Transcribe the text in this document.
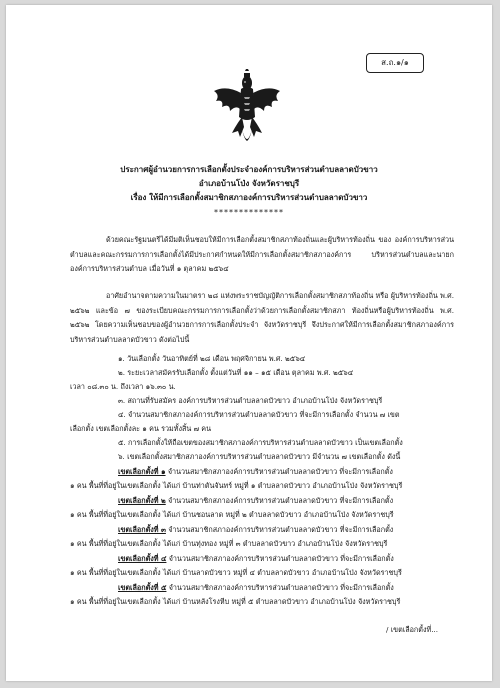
ส.ถ.๑/๑
ประกาศผู้อำนวยการการเลือกตั้งประจำองค์การบริหารส่วนตำบลลาดบัวขาว
อำเภอบ้านโป่ง จังหวัดราชบุรี
เรื่อง ให้มีการเลือกตั้งสมาชิกสภาองค์การบริหารส่วนตำบลลาดบัวขาว
**************
ด้วยคณะรัฐมนตรีได้มีมติเห็นชอบให้มีการเลือกตั้งสมาชิกสภาท้องถิ่นและผู้บริหารท้องถิ่น ของ องค์การบริหารส่วนตำบลและคณะกรรมการการเลือกตั้งได้มีประกาศกำหนดให้มีการเลือกตั้งสมาชิกสภาองค์การ บริหารส่วนตำบลและนายกองค์การบริหารส่วนตำบล เมื่อวันที่ ๑ ตุลาคม ๒๕๖๔
อาศัยอำนาจตามความในมาตรา ๒๘ แห่งพระราชบัญญัติการเลือกตั้งสมาชิกสภาท้องถิ่น หรือ ผู้บริหารท้องถิ่น พ.ศ. ๒๕๖๒ และข้อ ๗ ของระเบียบคณะกรรมการการเลือกตั้งว่าด้วยการเลือกตั้งสมาชิกสภา ท้องถิ่นหรือผู้บริหารท้องถิ่น พ.ศ. ๒๕๖๒ โดยความเห็นชอบของผู้อำนวยการการเลือกตั้งประจำ จังหวัดราชบุรี จึงประกาศให้มีการเลือกตั้งสมาชิกสภาองค์การบริหารส่วนตำบลลาดบัวขาว ดังต่อไปนี้
๑. วันเลือกตั้ง วันอาทิตย์ที่ ๒๘ เดือน พฤศจิกายน พ.ศ. ๒๕๖๔
๒. ระยะเวลาสมัครรับเลือกตั้ง ตั้งแต่วันที่ ๑๑ – ๑๕ เดือน ตุลาคม พ.ศ. ๒๕๖๔
เวลา ๐๘.๓๐ น. ถึงเวลา ๑๖.๓๐ น.
๓. สถานที่รับสมัคร องค์การบริหารส่วนตำบลลาดบัวขาว อำเภอบ้านโป่ง จังหวัดราชบุรี
๔. จำนวนสมาชิกสภาองค์การบริหารส่วนตำบลลาดบัวขาว ที่จะมีการเลือกตั้ง จำนวน ๗ เขต
เลือกตั้ง เขตเลือกตั้งละ ๑ คน รวมทั้งสิ้น ๗ คน
๕. การเลือกตั้งให้ถือเขตของสมาชิกสภาองค์การบริหารส่วนตำบลลาดบัวขาว เป็นเขตเลือกตั้ง
๖. เขตเลือกตั้งสมาชิกสภาองค์การบริหารส่วนตำบลลาดบัวขาว มีจำนวน ๗ เขตเลือกตั้ง ดังนี้
เขตเลือกตั้งที่ ๑ จำนวนสมาชิกสภาองค์การบริหารส่วนตำบลลาดบัวขาว ที่จะมีการเลือกตั้ง
๑ คน พื้นที่ที่อยู่ในเขตเลือกตั้ง ได้แก่ บ้านท่าตันจันทร์ หมู่ที่ ๑ ตำบลลาดบัวขาว อำเภอบ้านโป่ง จังหวัดราชบุรี
เขตเลือกตั้งที่ ๒ จำนวนสมาชิกสภาองค์การบริหารส่วนตำบลลาดบัวขาว ที่จะมีการเลือกตั้ง
๑ คน พื้นที่ที่อยู่ในเขตเลือกตั้ง ได้แก่ บ้านชอนลาด หมู่ที่ ๒ ตำบลลาดบัวขาว อำเภอบ้านโป่ง จังหวัดราชบุรี
เขตเลือกตั้งที่ ๓ จำนวนสมาชิกสภาองค์การบริหารส่วนตำบลลาดบัวขาว ที่จะมีการเลือกตั้ง
๑ คน พื้นที่ที่อยู่ในเขตเลือกตั้ง ได้แก่ บ้านทุ่งทอง หมู่ที่ ๓ ตำบลลาดบัวขาว อำเภอบ้านโป่ง จังหวัดราชบุรี
เขตเลือกตั้งที่ ๔ จำนวนสมาชิกสภาองค์การบริหารส่วนตำบลลาดบัวขาว ที่จะมีการเลือกตั้ง
๑ คน พื้นที่ที่อยู่ในเขตเลือกตั้ง ได้แก่ บ้านลาดบัวขาว หมู่ที่ ๔ ตำบลลาดบัวขาว อำเภอบ้านโป่ง จังหวัดราชบุรี
เขตเลือกตั้งที่ ๕ จำนวนสมาชิกสภาองค์การบริหารส่วนตำบลลาดบัวขาว ที่จะมีการเลือกตั้ง
๑ คน พื้นที่ที่อยู่ในเขตเลือกตั้ง ได้แก่ บ้านหลังโรงหีบ หมู่ที่ ๕ ตำบลลาดบัวขาว อำเภอบ้านโป่ง จังหวัดราชบุรี
/ เขตเลือกตั้งที่...
